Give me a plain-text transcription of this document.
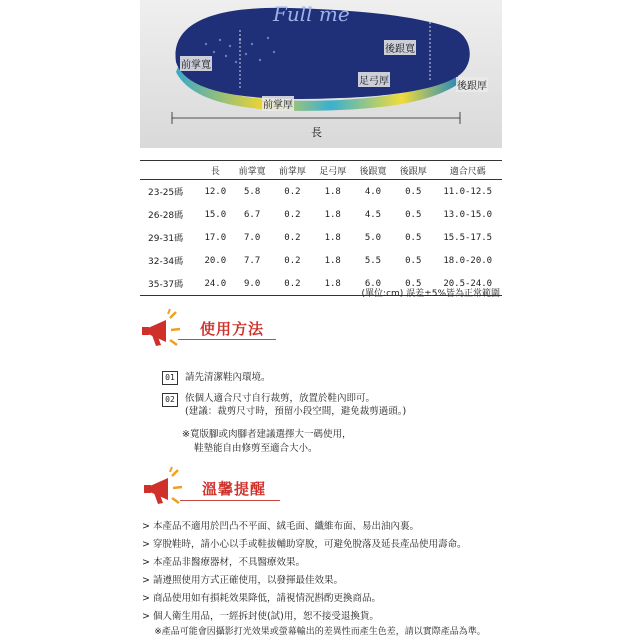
Full me
前掌寬
後跟寬
足弓厚	後跟厚
前掌厚
長
	長	前掌寬	前掌厚	足弓厚	後跟寬	後跟厚	適合尺碼
23-25碼	12.0	5.8	0.2	1.8	4.0	0.5	11.0-12.5
26-28碼	15.0	6.7	0.2	1.8	4.5	0.5	13.0-15.0
29-31碼	17.0	7.0	0.2	1.8	5.0	0.5	15.5-17.5
32-34碼	20.0	7.7	0.2	1.8	5.5	0.5	18.0-20.0
35-37碼	24.0	9.0	0.2	1.8	6.0	0.5	20.5-24.0
(單位:cm) 誤差±5%皆為正常範圍
使用方法
01	請先清潔鞋內環境。
02	依個人適合尺寸自行裁剪，放置於鞋內即可。
(建議：裁剪尺寸時，預留小段空間，避免裁剪過頭。)
※寬版腳或肉腳者建議選擇大一碼使用，
鞋墊能自由修剪至適合大小。
溫馨提醒
> 本產品不適用於凹凸不平面、絨毛面、纖維布面、易出油內裏。
> 穿脫鞋時，請小心以手或鞋拔輔助穿脫，可避免脫落及延長產品使用壽命。
> 本產品非醫療器材，不具醫療效果。
> 請遵照使用方式正確使用，以發揮最佳效果。
> 商品使用如有損耗效果降低，請視情況斟酌更換商品。
> 個人衛生用品，一經拆封使(試)用，恕不接受退換貨。
※產品可能會因攝影打光效果或螢幕輸出的差異性而產生色差，請以實際產品為準。
